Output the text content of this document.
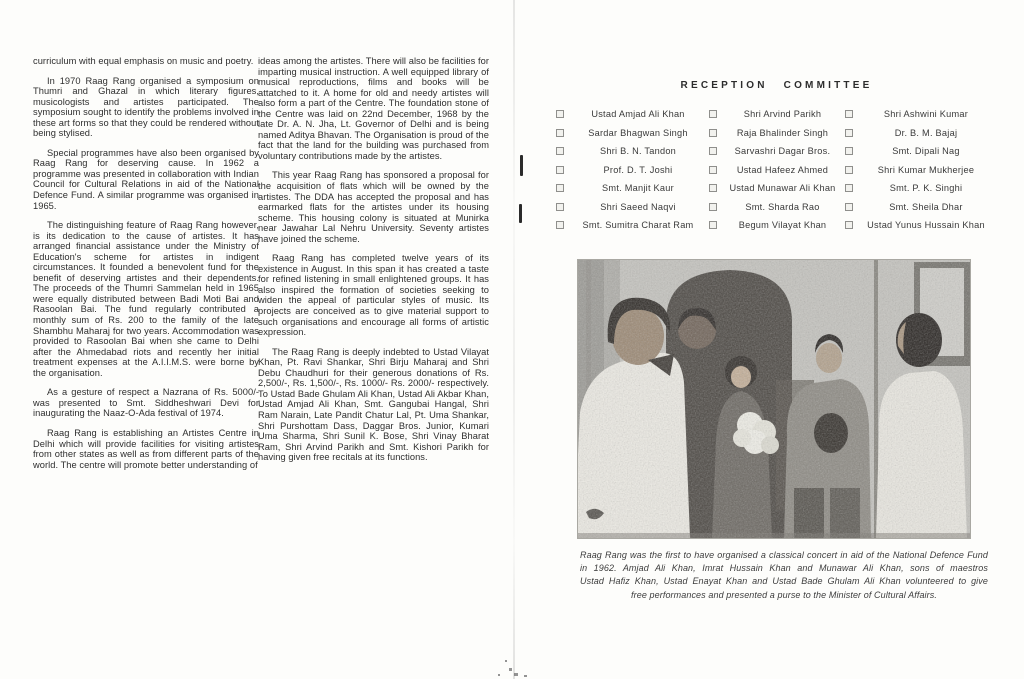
curriculum with equal emphasis on music and poetry.

In 1970 Raag Rang organised a symposium on Thumri and Ghazal in which literary figures, musicologists and artistes participated. The symposium sought to identify the problems involved in these art forms so that they could be rendered without being stylised.

Special programmes have also been organised by Raag Rang for deserving cause. In 1962 a programme was presented in collaboration with Indian Council for Cultural Relations in aid of the National Defence Fund. A similar programme was organised in 1965.

The distinguishing feature of Raag Rang however, is its dedication to the cause of artistes. It has arranged financial assistance under the Ministry of Education's scheme for artistes in indigent circumstances. It founded a benevolent fund for the benefit of deserving artistes and their dependents. The proceeds of the Thumri Sammelan held in 1965 were equally distributed between Badi Moti Bai and Rasoolan Bai. The fund regularly contributed a monthly sum of Rs. 200 to the family of the late Shambhu Maharaj for two years. Accommodation was provided to Rasoolan Bai when she came to Delhi after the Ahmedabad riots and recently her initial treatment expenses at the A.I.I.M.S. were borne by the organisation.

As a gesture of respect a Nazrana of Rs. 5000/- was presented to Smt. Siddheshwari Devi for inaugurating the Naaz-O-Ada festival of 1974.

Raag Rang is establishing an Artistes Centre in Delhi which will provide facilities for visiting artistes from other states as well as from different parts of the world. The centre will promote better understanding of

ideas among the artistes. There will also be facilities for imparting musical instruction. A well equipped library of musical reproductions, films and books will be attatched to it. A home for old and needy artistes will also form a part of the Centre. The foundation stone of the Centre was laid on 22nd December, 1968 by the late Dr. A. N. Jha, Lt. Governor of Delhi and is being named Aditya Bhavan. The Organisation is proud of the fact that the land for the building was purchased from voluntary contributions made by the artistes.

This year Raag Rang has sponsored a proposal for the acquisition of flats which will be owned by the artistes. The DDA has accepted the proposal and has earmarked flats for the artistes under its housing scheme. This housing colony is situated at Munirka near Jawahar Lal Nehru University. Seventy artistes have joined the scheme.

Raag Rang has completed twelve years of its existence in August. In this span it has created a taste for refined listening in small enlightened groups. It has also inspired the formation of societies seeking to widen the appeal of particular styles of music. Its projects are conceived as to give material support to such organisations and encourage all forms of artistic expression.

The Raag Rang is deeply indebted to Ustad Vilayat Khan, Pt. Ravi Shankar, Shri Birju Maharaj and Shri Debu Chaudhuri for their generous donations of Rs. 2,500/-, Rs. 1,500/-, Rs. 1000/- Rs. 2000/- respectively. To Ustad Bade Ghulam Ali Khan, Ustad Ali Akbar Khan, Ustad Amjad Ali Khan, Smt. Gangubai Hangal, Shri Ram Narain, Late Pandit Chatur Lal, Pt. Uma Shankar, Shri Purshottam Dass, Daggar Bros. Junior, Kumari Uma Sharma, Shri Sunil K. Bose, Shri Vinay Bharat Ram, Shri Arvind Parikh and Smt. Kishori Parikh for having given free recitals at its functions.

RECEPTION COMMITTEE
Ustad Amjad Ali Khan	Shri Arvind Parikh	Shri Ashwini Kumar
Sardar Bhagwan Singh	Raja Bhalinder Singh	Dr. B. M. Bajaj
Shri B. N. Tandon	Sarvashri Dagar Bros.	Smt. Dipali Nag
Prof. D. T. Joshi	Ustad Hafeez Ahmed	Shri Kumar Mukherjee
Smt. Manjit Kaur	Ustad Munawar Ali Khan	Smt. P. K. Singhi
Shri Saeed Naqvi	Smt. Sharda Rao	Smt. Sheila Dhar
Smt. Sumitra Charat Ram	Begum Vilayat Khan	Ustad Yunus Hussain Khan
Raag Rang was the first to have organised a classical concert in aid of the National Defence Fund
in 1962. Amjad Ali Khan, Imrat Hussain Khan and Munawar Ali Khan, sons of maestros
Ustad Hafiz Khan, Ustad Enayat Khan and Ustad Bade Ghulam Ali Khan volunteered to give
free performances and presented a purse to the Minister of Cultural Affairs.
